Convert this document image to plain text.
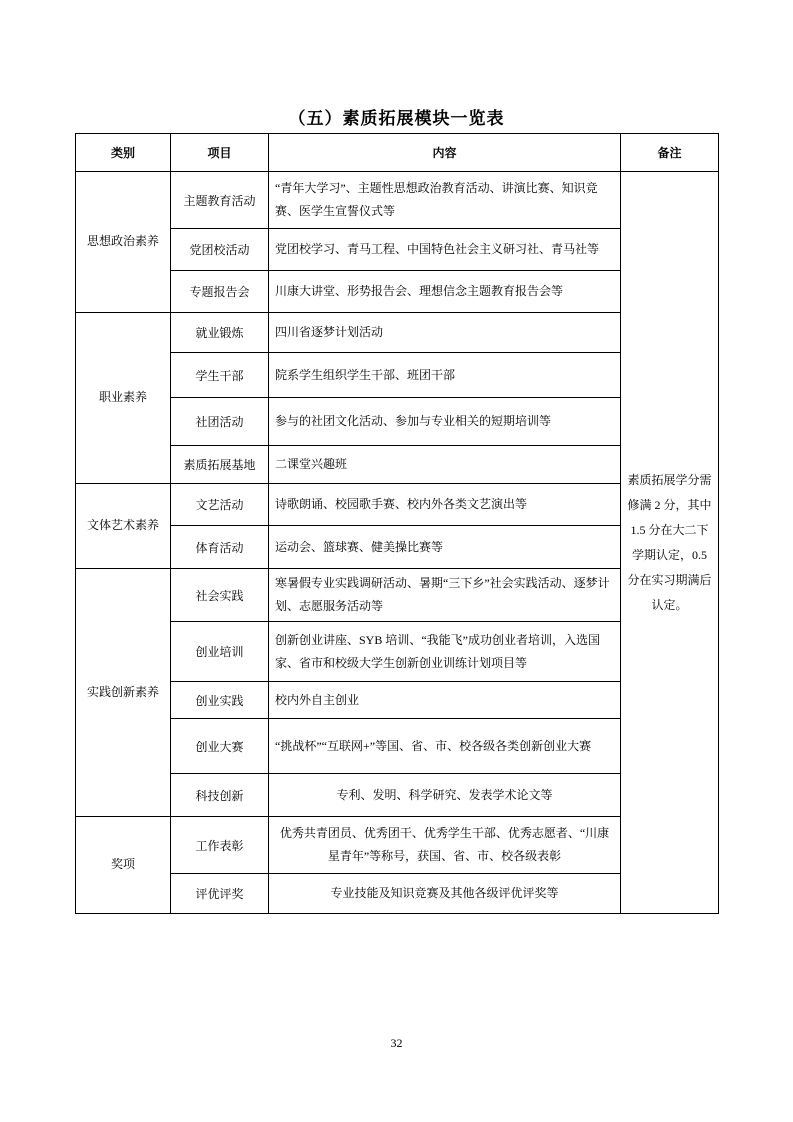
（五）素质拓展模块一览表
类别	项目	内容	备注
思想政治素养	主题教育活动	“青年大学习”、主题性思想政治教育活动、讲演比赛、知识竞赛、医学生宣誓仪式等	素质拓展学分需修满 2 分，其中 1.5 分在大二下学期认定，0.5 分在实习期满后认定。
	党团校活动	党团校学习、青马工程、中国特色社会主义研习社、青马社等	
	专题报告会	川康大讲堂、形势报告会、理想信念主题教育报告会等	
职业素养	就业锻炼	四川省逐梦计划活动	
	学生干部	院系学生组织学生干部、班团干部	
	社团活动	参与的社团文化活动、参加与专业相关的短期培训等	
	素质拓展基地	二课堂兴趣班	
文体艺术素养	文艺活动	诗歌朗诵、校园歌手赛、校内外各类文艺演出等	
	体育活动	运动会、篮球赛、健美操比赛等	
实践创新素养	社会实践	寒暑假专业实践调研活动、暑期“三下乡”社会实践活动、逐梦计划、志愿服务活动等	
	创业培训	创新创业讲座、SYB 培训、“我能飞”成功创业者培训，入选国家、省市和校级大学生创新创业训练计划项目等	
	创业实践	校内外自主创业	
	创业大赛	“挑战杯”“互联网+”等国、省、市、校各级各类创新创业大赛	
	科技创新	专利、发明、科学研究、发表学术论文等	
奖项	工作表彰	优秀共青团员、优秀团干、优秀学生干部、优秀志愿者、“川康星青年”等称号，获国、省、市、校各级表彰	
	评优评奖	专业技能及知识竞赛及其他各级评优评奖等	
32
